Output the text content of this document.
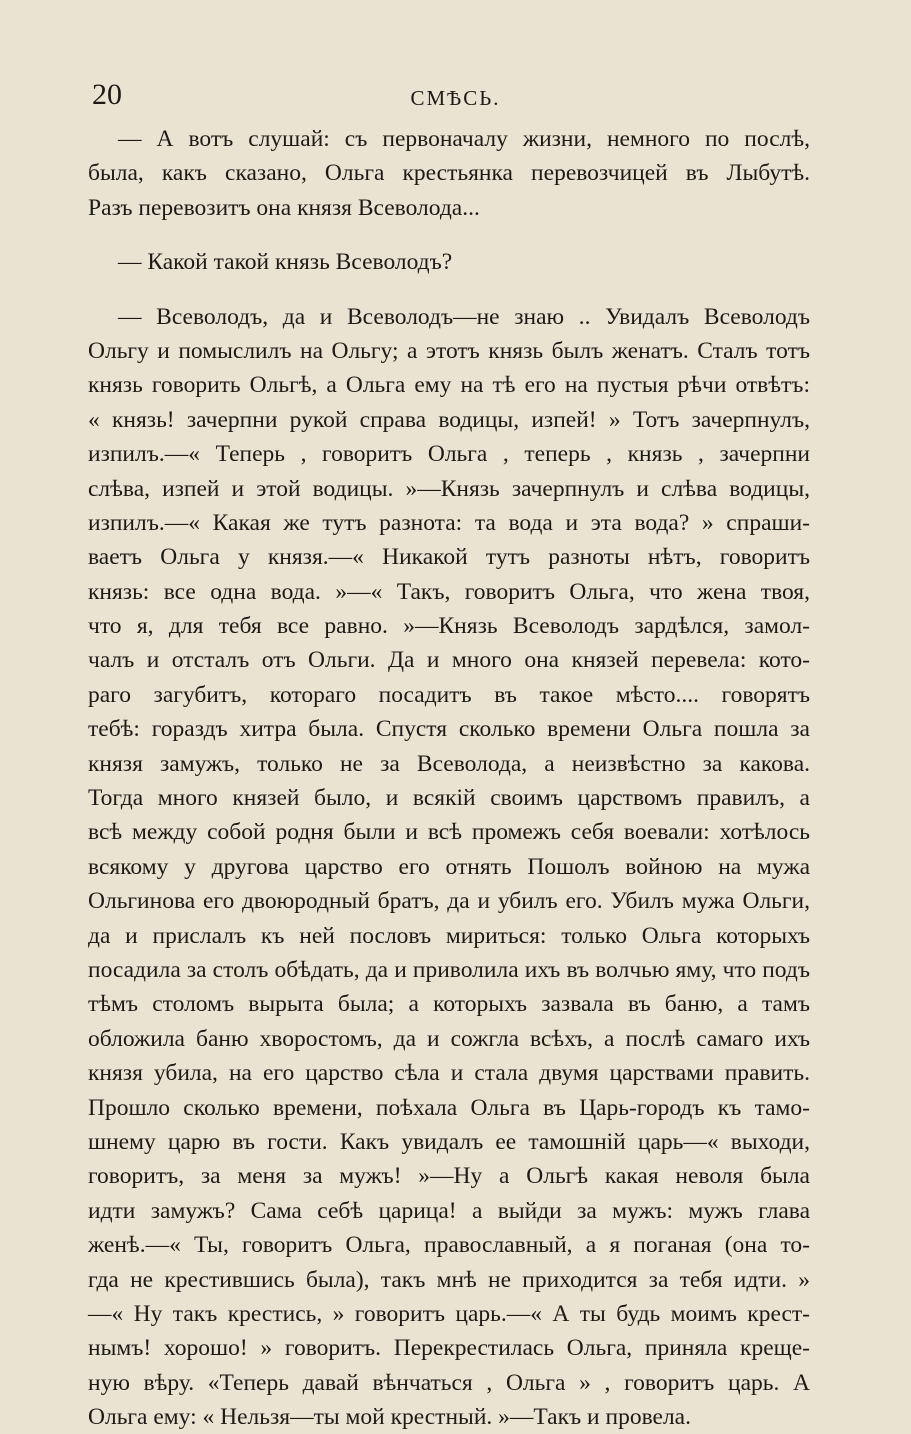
20	СМѢСЬ.
— А вотъ слушай: съ первоначалу жизни, немного по послѣ,
была, какъ сказано, Ольга крестьянка перевозчицей въ Лыбутѣ.
Разъ перевозитъ она князя Всеволода...
— Какой такой князь Всеволодъ?
— Всеволодъ, да и Всеволодъ—не знаю .. Увидалъ Всеволодъ
Ольгу и помыслилъ на Ольгу; а этотъ князь былъ женатъ. Сталъ тотъ
князь говорить Ольгѣ, а Ольга ему на тѣ его на пустыя рѣчи отвѣтъ:
« князь! зачерпни рукой справа водицы, изпей! » Тотъ зачерпнулъ,
изпилъ.—« Теперь , говоритъ Ольга , теперь , князь , зачерпни
слѣва, изпей и этой водицы. »—Князь зачерпнулъ и слѣва водицы,
изпилъ.—« Какая же тутъ разнота: та вода и эта вода? » спраши-
ваетъ Ольга у князя.—« Никакой тутъ разноты нѣтъ, говоритъ
князь: все одна вода. »—« Такъ, говоритъ Ольга, что жена твоя,
что я, для тебя все равно. »—Князь Всеволодъ зардѣлся, замол-
чалъ и отсталъ отъ Ольги. Да и много она князей перевела: кото-
раго загубитъ, котораго посадитъ въ такое мѣсто.... говорятъ
тебѣ: гораздъ хитра была. Спустя сколько времени Ольга пошла за
князя замужъ, только не за Всеволода, а неизвѣстно за какова.
Тогда много князей было, и всякій своимъ царствомъ правилъ, а
всѣ между собой родня были и всѣ промежъ себя воевали: хотѣлось
всякому у другова царство его отнять Пошолъ войною на мужа
Ольгинова его двоюродный братъ, да и убилъ его. Убилъ мужа Ольги,
да и прислалъ къ ней пословъ мириться: только Ольга которыхъ
посадила за столъ обѣдать, да и приволила ихъ въ волчью яму, что подъ
тѣмъ столомъ вырыта была; а которыхъ зазвала въ баню, а тамъ
обложила баню хворостомъ, да и сожгла всѣхъ, а послѣ самаго ихъ
князя убила, на его царство сѣла и стала двумя царствами править.
Прошло сколько времени, поѣхала Ольга въ Царь-городъ къ тамо-
шнему царю въ гости. Какъ увидалъ ее тамошній царь—« выходи,
говоритъ, за меня за мужъ! »—Ну а Ольгѣ какая неволя была
идти замужъ? Сама себѣ царица! а выйди за мужъ: мужъ глава
женѣ.—« Ты, говоритъ Ольга, православный, а я поганая (она то-
гда не крестившись была), такъ мнѣ не приходится за тебя идти. »
—« Ну такъ крестись, » говоритъ царь.—« А ты будь моимъ крест-
нымъ! хорошо! » говоритъ. Перекрестилась Ольга, приняла креще-
ную вѣру. «Теперь давай вѣнчаться , Ольга » , говоритъ царь. А
Ольга ему: « Нельзя—ты мой крестный. »—Такъ и провела.
